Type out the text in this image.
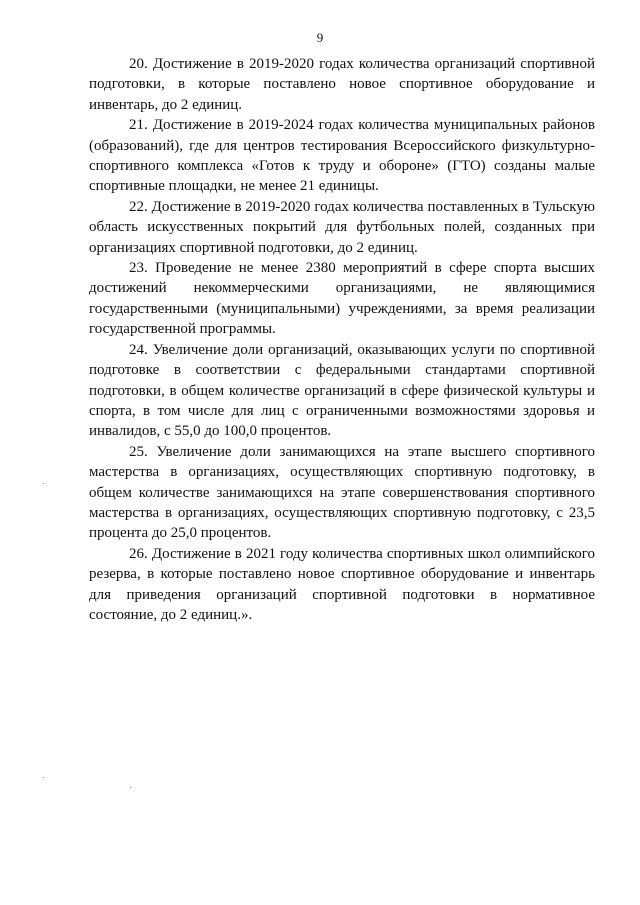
9

20. Достижение в 2019-2020 годах количества организаций спортивной подготовки, в которые поставлено новое спортивное оборудование и инвентарь, до 2 единиц.

21. Достижение в 2019-2024 годах количества муниципальных районов (образований), где для центров тестирования Всероссийского физкультурно-спортивного комплекса «Готов к труду и обороне» (ГТО) созданы малые спортивные площадки, не менее 21 единицы.

22. Достижение в 2019-2020 годах количества поставленных в Тульскую область искусственных покрытий для футбольных полей, созданных при организациях спортивной подготовки, до 2 единиц.

23. Проведение не менее 2380 мероприятий в сфере спорта высших достижений некоммерческими организациями, не являющимися государственными (муниципальными) учреждениями, за время реализации государственной программы.

24. Увеличение доли организаций, оказывающих услуги по спортивной подготовке в соответствии с федеральными стандартами спортивной подготовки, в общем количестве организаций в сфере физической культуры и спорта, в том числе для лиц с ограниченными возможностями здоровья и инвалидов, с 55,0 до 100,0 процентов.

25. Увеличение доли занимающихся на этапе высшего спортивного мастерства в организациях, осуществляющих спортивную подготовку, в общем количестве занимающихся на этапе совершенствования спортивного мастерства в организациях, осуществляющих спортивную подготовку, с 23,5 процента до 25,0 процентов.

26. Достижение в 2021 году количества спортивных школ олимпийского резерва, в которые поставлено новое спортивное оборудование и инвентарь для приведения организаций спортивной подготовки в нормативное состояние, до 2 единиц.».
